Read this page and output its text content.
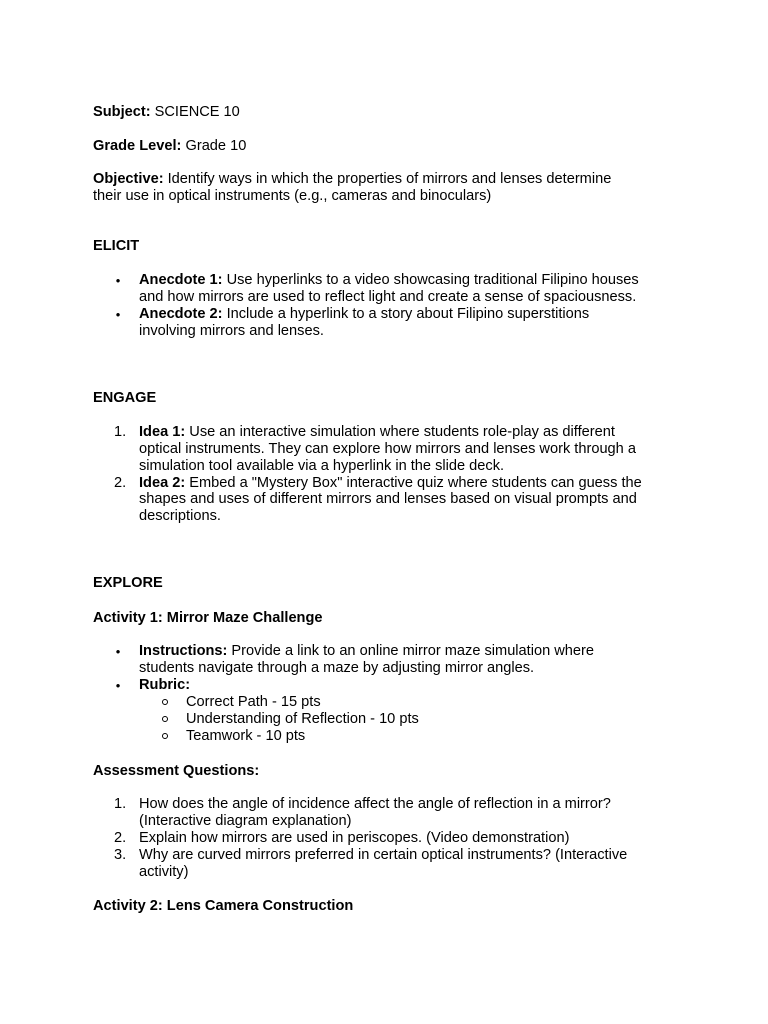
Subject: SCIENCE 10
Grade Level: Grade 10
Objective: Identify ways in which the properties of mirrors and lenses determine
their use in optical instruments (e.g., cameras and binoculars)
ELICIT
• Anecdote 1: Use hyperlinks to a video showcasing traditional Filipino houses
and how mirrors are used to reflect light and create a sense of spaciousness.
• Anecdote 2: Include a hyperlink to a story about Filipino superstitions
involving mirrors and lenses.
ENGAGE
1. Idea 1: Use an interactive simulation where students role-play as different
optical instruments. They can explore how mirrors and lenses work through a
simulation tool available via a hyperlink in the slide deck.
2. Idea 2: Embed a "Mystery Box" interactive quiz where students can guess the
shapes and uses of different mirrors and lenses based on visual prompts and
descriptions.
EXPLORE
Activity 1: Mirror Maze Challenge
• Instructions: Provide a link to an online mirror maze simulation where
students navigate through a maze by adjusting mirror angles.
• Rubric:
Correct Path - 15 pts
Understanding of Reflection - 10 pts
Teamwork - 10 pts
Assessment Questions:
1. How does the angle of incidence affect the angle of reflection in a mirror?
(Interactive diagram explanation)
2. Explain how mirrors are used in periscopes. (Video demonstration)
3. Why are curved mirrors preferred in certain optical instruments? (Interactive
activity)
Activity 2: Lens Camera Construction
